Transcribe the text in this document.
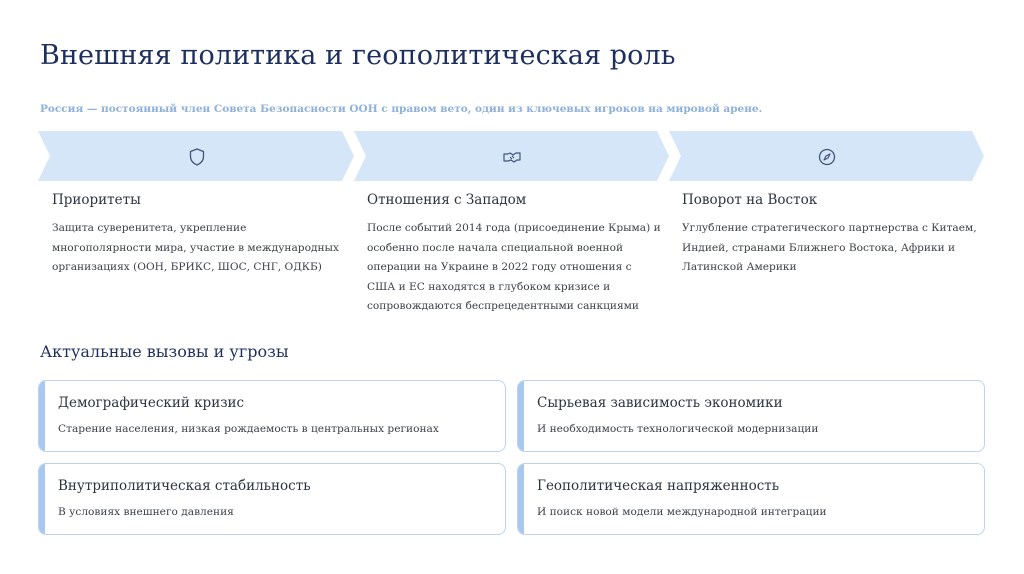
Внешняя политика и геополитическая роль
Россия — постоянный член Совета Безопасности ООН с правом вето, один из ключевых игроков на мировой арене.
Приоритеты
Защита суверенитета, укрепление многополярности мира, участие в международных организациях (ООН, БРИКС, ШОС, СНГ, ОДКБ)
Отношения с Западом
После событий 2014 года (присоединение Крыма) и особенно после начала специальной военной операции на Украине в 2022 году отношения с США и ЕС находятся в глубоком кризисе и сопровождаются беспрецедентными санкциями
Поворот на Восток
Углубление стратегического партнерства с Китаем, Индией, странами Ближнего Востока, Африки и Латинской Америки
Актуальные вызовы и угрозы
Демографический кризис
Старение населения, низкая рождаемость в центральных регионах
Сырьевая зависимость экономики
И необходимость технологической модернизации
Внутриполитическая стабильность
В условиях внешнего давления
Геополитическая напряженность
И поиск новой модели международной интеграции
